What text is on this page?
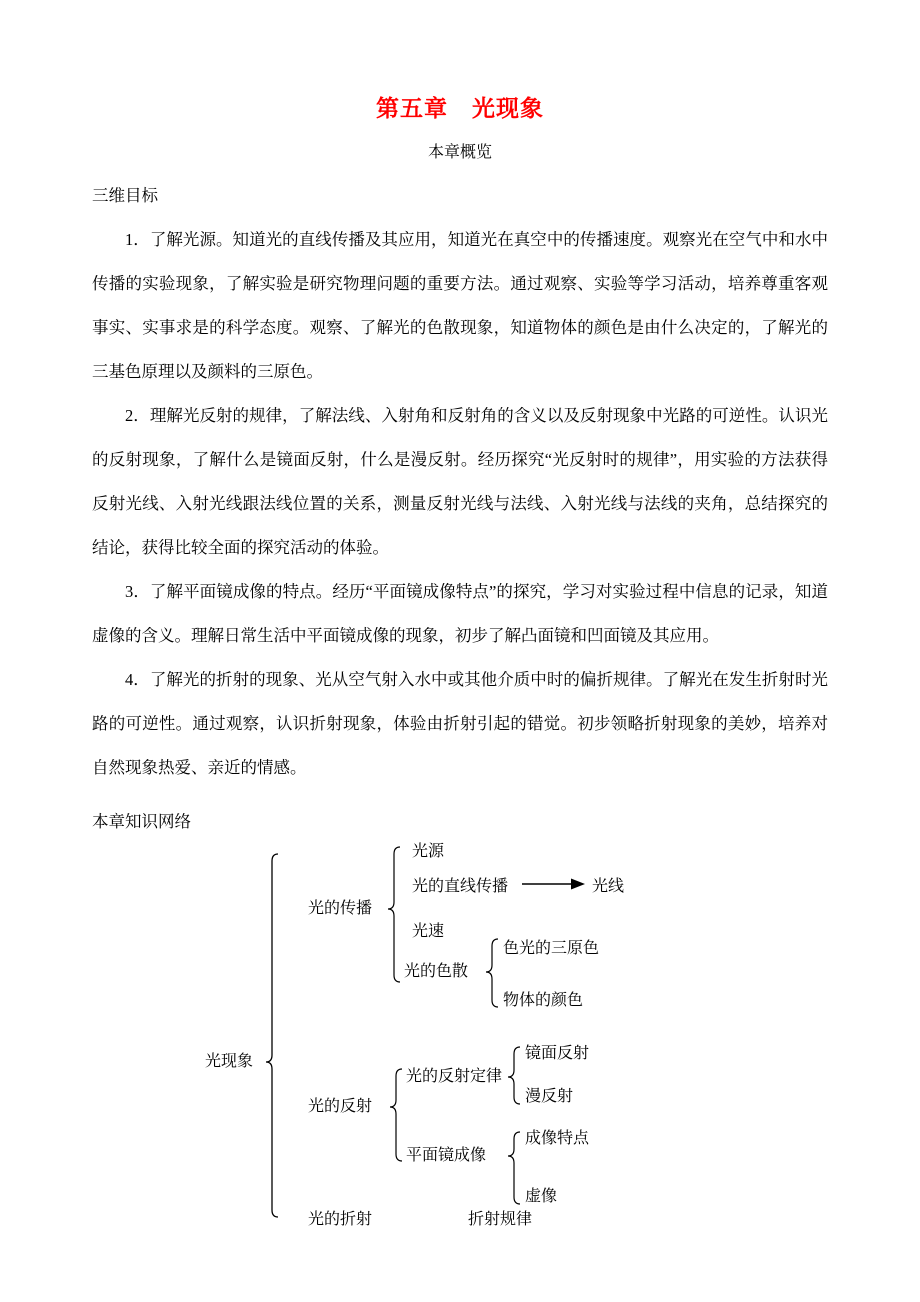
第五章　光现象
本章概览
三维目标

1．了解光源。知道光的直线传播及其应用，知道光在真空中的传播速度。观察光在空气中和水中传播的实验现象，了解实验是研究物理问题的重要方法。通过观察、实验等学习活动，培养尊重客观事实、实事求是的科学态度。观察、了解光的色散现象，知道物体的颜色是由什么决定的，了解光的三基色原理以及颜料的三原色。

2．理解光反射的规律，了解法线、入射角和反射角的含义以及反射现象中光路的可逆性。认识光的反射现象，了解什么是镜面反射，什么是漫反射。经历探究“光反射时的规律”，用实验的方法获得反射光线、入射光线跟法线位置的关系，测量反射光线与法线、入射光线与法线的夹角，总结探究的结论，获得比较全面的探究活动的体验。

3．了解平面镜成像的特点。经历“平面镜成像特点”的探究，学习对实验过程中信息的记录，知道虚像的含义。理解日常生活中平面镜成像的现象，初步了解凸面镜和凹面镜及其应用。

4．了解光的折射的现象、光从空气射入水中或其他介质中时的偏折规律。了解光在发生折射时光路的可逆性。通过观察，认识折射现象，体验由折射引起的错觉。初步领略折射现象的美妙，培养对自然现象热爱、亲近的情感。

本章知识网络
光现象
光的传播
光源
光的直线传播	光线
光速
光的色散
色光的三原色
物体的颜色
光的反射
光的反射定律
镜面反射
漫反射
平面镜成像
成像特点
虚像
光的折射	折射规律
